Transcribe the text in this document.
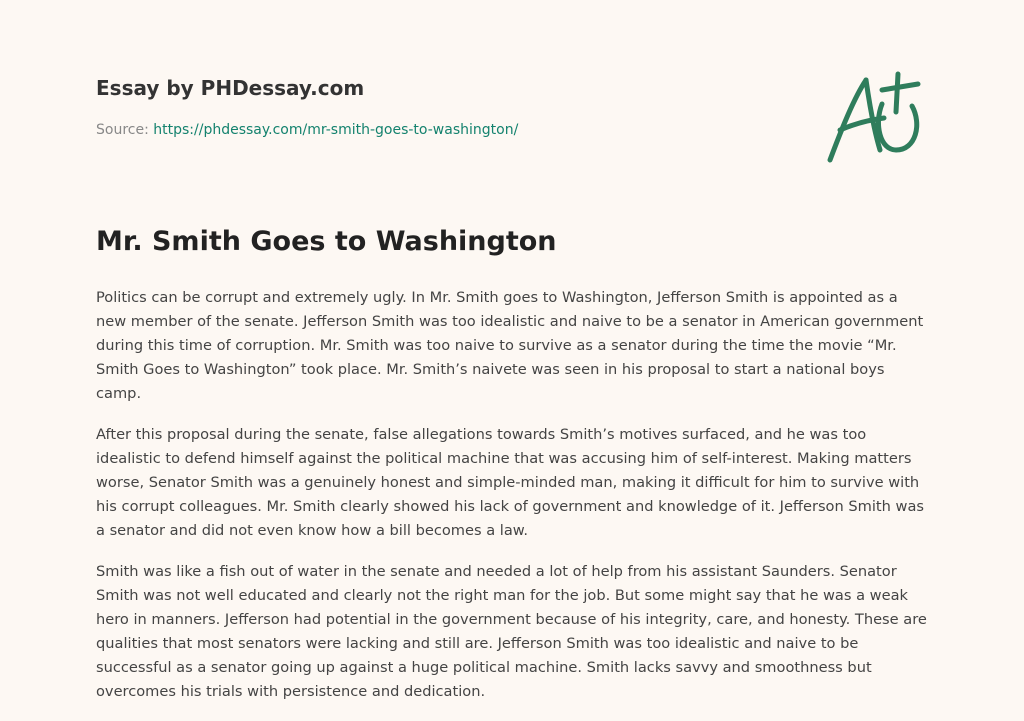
Essay by PHDessay.com
Source: https://phdessay.com/mr-smith-goes-to-washington/
Mr. Smith Goes to Washington

Politics can be corrupt and extremely ugly. In Mr. Smith goes to Washington, Jefferson Smith is appointed as a new member of the senate. Jefferson Smith was too idealistic and naive to be a senator in American government during this time of corruption. Mr. Smith was too naive to survive as a senator during the time the movie “Mr. Smith Goes to Washington” took place. Mr. Smith’s naivete was seen in his proposal to start a national boys camp.

After this proposal during the senate, false allegations towards Smith’s motives surfaced, and he was too idealistic to defend himself against the political machine that was accusing him of self-interest. Making matters worse, Senator Smith was a genuinely honest and simple-minded man, making it difficult for him to survive with his corrupt colleagues. Mr. Smith clearly showed his lack of government and knowledge of it. Jefferson Smith was a senator and did not even know how a bill becomes a law.

Smith was like a fish out of water in the senate and needed a lot of help from his assistant Saunders. Senator Smith was not well educated and clearly not the right man for the job. But some might say that he was a weak hero in manners. Jefferson had potential in the government because of his integrity, care, and honesty. These are qualities that most senators were lacking and still are. Jefferson Smith was too idealistic and naive to be successful as a senator going up against a huge political machine. Smith lacks savvy and smoothness but overcomes his trials with persistence and dedication.
